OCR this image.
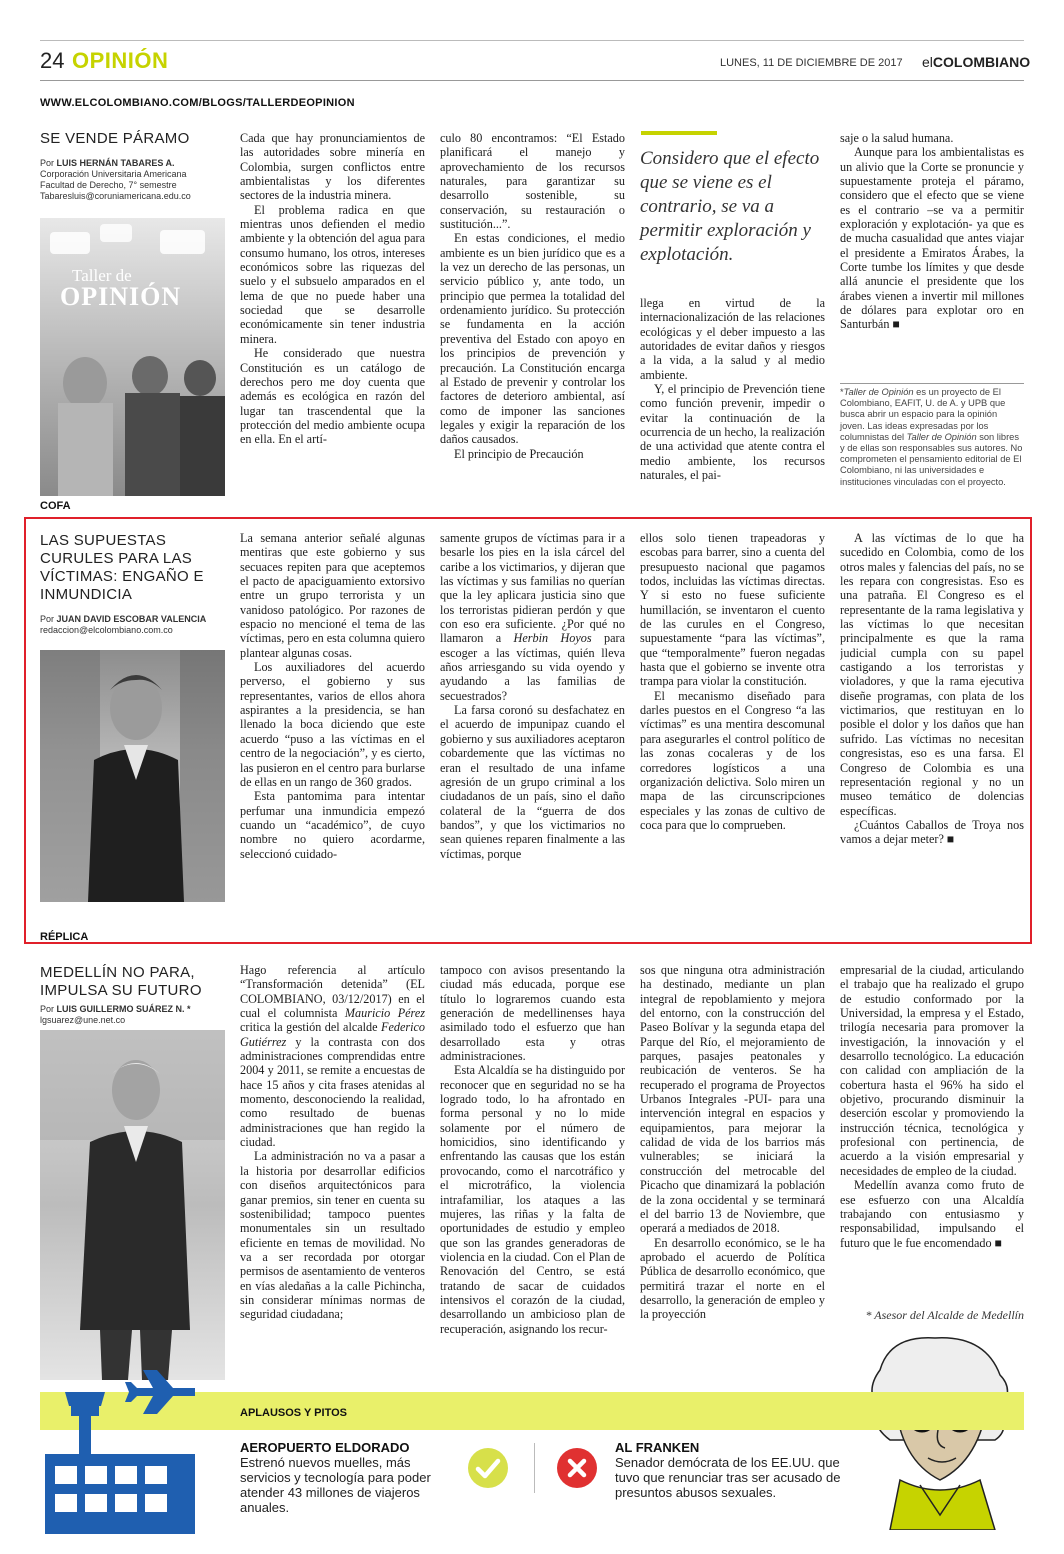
24 OPINIÓN	LUNES, 11 DE DICIEMBRE DE 2017 elCOLOMBIANO
WWW.ELCOLOMBIANO.COM/BLOGS/TALLERDEOPINION
SE VENDE PÁRAMO
Por LUIS HERNÁN TABARES A.
Corporación Universitaria Americana
Facultad de Derecho, 7° semestre
Tabaresluis@coruniamericana.edu.co
Taller de
OPINIÓN

Cada que hay pronunciamientos de las autoridades sobre minería en Colombia, surgen conflictos entre ambientalistas y los diferentes sectores de la industria minera.

El problema radica en que mientras unos defienden el medio ambiente y la obtención del agua para consumo humano, los otros, intereses económicos sobre las riquezas del suelo y el subsuelo amparados en el lema de que no puede haber una sociedad que se desarrolle económicamente sin tener industria minera.

He considerado que nuestra Constitución es un catálogo de derechos pero me doy cuenta que además es ecológica en razón del lugar tan trascendental que la protección del medio ambiente ocupa en ella. En el artí-

culo 80 encontramos: “El Estado planificará el manejo y aprovechamiento de los recursos naturales, para garantizar su desarrollo sostenible, su conservación, su restauración o sustitución...”.

En estas condiciones, el medio ambiente es un bien jurídico que es a la vez un derecho de las personas, un servicio público y, ante todo, un principio que permea la totalidad del ordenamiento jurídico. Su protección se fundamenta en la acción preventiva del Estado con apoyo en los principios de prevención y precaución. La Constitución encarga al Estado de prevenir y controlar los factores de deterioro ambiental, así como de imponer las sanciones legales y exigir la reparación de los daños causados.

El principio de Precaución

Considero que el efecto que se viene es el contrario, se va a permitir exploración y explotación.

llega en virtud de la internacionalización de las relaciones ecológicas y el deber impuesto a las autoridades de evitar daños y riesgos a la vida, a la salud y al medio ambiente.

Y, el principio de Prevención tiene como función prevenir, impedir o evitar la continuación de la ocurrencia de un hecho, la realización de una actividad que atente contra el medio ambiente, los recursos naturales, el pai-

saje o la salud humana.

Aunque para los ambientalistas es un alivio que la Corte se pronuncie y supuestamente proteja el páramo, considero que el efecto que se viene es el contrario –se va a permitir exploración y explotación- ya que es de mucha casualidad que antes viajar el presidente a Emiratos Árabes, la Corte tumbe los límites y que desde allá anuncie el presidente que los árabes vienen a invertir mil millones de dólares para explotar oro en Santurbán ■

*Taller de Opinión es un proyecto de El Colombiano, EAFIT, U. de A. y UPB que busca abrir un espacio para la opinión joven. Las ideas expresadas por los columnistas del Taller de Opinión son libres y de ellas son responsables sus autores. No comprometen el pensamiento editorial de El Colombiano, ni las universidades e instituciones vinculadas con el proyecto.
COFA
LAS SUPUESTAS CURULES PARA LAS VÍCTIMAS: ENGAÑO E INMUNDICIA
Por JUAN DAVID ESCOBAR VALENCIA
redaccion@elcolombiano.com.co

La semana anterior señalé algunas mentiras que este gobierno y sus secuaces repiten para que aceptemos el pacto de apaciguamiento extorsivo entre un grupo terrorista y un vanidoso patológico. Por razones de espacio no mencioné el tema de las víctimas, pero en esta columna quiero plantear algunas cosas.

Los auxiliadores del acuerdo perverso, el gobierno y sus representantes, varios de ellos ahora aspirantes a la presidencia, se han llenado la boca diciendo que este acuerdo “puso a las víctimas en el centro de la negociación”, y es cierto, las pusieron en el centro para burlarse de ellas en un rango de 360 grados.

Esta pantomima para intentar perfumar una inmundicia empezó cuando un “académico”, de cuyo nombre no quiero acordarme, seleccionó cuidado-

samente grupos de víctimas para ir a besarle los pies en la isla cárcel del caribe a los victimarios, y dijeran que las víctimas y sus familias no querían que la ley aplicara justicia sino que los terroristas pidieran perdón y que con eso era suficiente. ¿Por qué no llamaron a Herbin Hoyos para escoger a las víctimas, quién lleva años arriesgando su vida oyendo y ayudando a las familias de secuestrados?

La farsa coronó su desfachatez en el acuerdo de impunipaz cuando el gobierno y sus auxiliadores aceptaron cobardemente que las víctimas no eran el resultado de una infame agresión de un grupo criminal a los ciudadanos de un país, sino el daño colateral de la “guerra de dos bandos”, y que los victimarios no sean quienes reparen finalmente a las víctimas, porque

ellos solo tienen trapeadoras y escobas para barrer, sino a cuenta del presupuesto nacional que pagamos todos, incluidas las víctimas directas. Y si esto no fuese suficiente humillación, se inventaron el cuento de las curules en el Congreso, supuestamente “para las víctimas”, que “temporalmente” fueron negadas hasta que el gobierno se invente otra trampa para violar la constitución.

El mecanismo diseñado para darles puestos en el Congreso “a las víctimas” es una mentira descomunal para asegurarles el control político de las zonas cocaleras y de los corredores logísticos a una organización delictiva. Solo miren un mapa de las circunscripciones especiales y las zonas de cultivo de coca para que lo comprueben.

A las víctimas de lo que ha sucedido en Colombia, como de los otros males y falencias del país, no se les repara con congresistas. Eso es una patraña. El Congreso es el representante de la rama legislativa y las víctimas lo que necesitan principalmente es que la rama judicial cumpla con su papel castigando a los terroristas y violadores, y que la rama ejecutiva diseñe programas, con plata de los victimarios, que restituyan en lo posible el dolor y los daños que han sufrido. Las víctimas no necesitan congresistas, eso es una farsa. El Congreso de Colombia es una representación regional y no un museo temático de dolencias específicas.

¿Cuántos Caballos de Troya nos vamos a dejar meter? ■

RÉPLICA
MEDELLÍN NO PARA, IMPULSA SU FUTURO
Por LUIS GUILLERMO SUÁREZ N. *
lgsuarez@une.net.co

Hago referencia al artículo “Transformación detenida” (EL COLOMBIANO, 03/12/2017) en el cual el columnista Mauricio Pérez critica la gestión del alcalde Federico Gutiérrez y la contrasta con dos administraciones comprendidas entre 2004 y 2011, se remite a encuestas de hace 15 años y cita frases atenidas al momento, desconociendo la realidad, como resultado de buenas administraciones que han regido la ciudad.

La administración no va a pasar a la historia por desarrollar edificios con diseños arquitectónicos para ganar premios, sin tener en cuenta su sostenibilidad; tampoco puentes monumentales sin un resultado eficiente en temas de movilidad. No va a ser recordada por otorgar permisos de asentamiento de venteros en vías aledañas a la calle Pichincha, sin considerar mínimas normas de seguridad ciudadana;

tampoco con avisos presentando la ciudad más educada, porque ese título lo lograremos cuando esta generación de medellinenses haya asimilado todo el esfuerzo que han desarrollado esta y otras administraciones.

Esta Alcaldía se ha distinguido por reconocer que en seguridad no se ha logrado todo, lo ha afrontado en forma personal y no lo mide solamente por el número de homicidios, sino identificando y enfrentando las causas que los están provocando, como el narcotráfico y el microtráfico, la violencia intrafamiliar, los ataques a las mujeres, las riñas y la falta de oportunidades de estudio y empleo que son las grandes generadoras de violencia en la ciudad. Con el Plan de Renovación del Centro, se está tratando de sacar de cuidados intensivos el corazón de la ciudad, desarrollando un ambicioso plan de recuperación, asignando los recur-

sos que ninguna otra administración ha destinado, mediante un plan integral de repoblamiento y mejora del entorno, con la construcción del Paseo Bolívar y la segunda etapa del Parque del Río, el mejoramiento de parques, pasajes peatonales y reubicación de venteros. Se ha recuperado el programa de Proyectos Urbanos Integrales -PUI- para una intervención integral en espacios y equipamientos, para mejorar la calidad de vida de los barrios más vulnerables; se iniciará la construcción del metrocable del Picacho que dinamizará la población de la zona occidental y se terminará el del barrio 13 de Noviembre, que operará a mediados de 2018.

En desarrollo económico, se le ha aprobado el acuerdo de Política Pública de desarrollo económico, que permitirá trazar el norte en el desarrollo, la generación de empleo y la proyección

empresarial de la ciudad, articulando el trabajo que ha realizado el grupo de estudio conformado por la Universidad, la empresa y el Estado, trilogía necesaria para promover la investigación, la innovación y el desarrollo tecnológico. La educación con calidad con ampliación de la cobertura hasta el 96% ha sido el objetivo, procurando disminuir la deserción escolar y promoviendo la instrucción técnica, tecnológica y profesional con pertinencia, de acuerdo a la visión empresarial y necesidades de empleo de la ciudad.

Medellín avanza como fruto de ese esfuerzo con una Alcaldía trabajando con entusiasmo y responsabilidad, impulsando el futuro que le fue encomendado ■

* Asesor del Alcalde de Medellín
APLAUSOS Y PITOS
AEROPUERTO ELDORADO
Estrenó nuevos muelles, más servicios y tecnología para poder atender 43 millones de viajeros anuales.
AL FRANKEN
Senador demócrata de los EE.UU. que tuvo que renunciar tras ser acusado de presuntos abusos sexuales.
